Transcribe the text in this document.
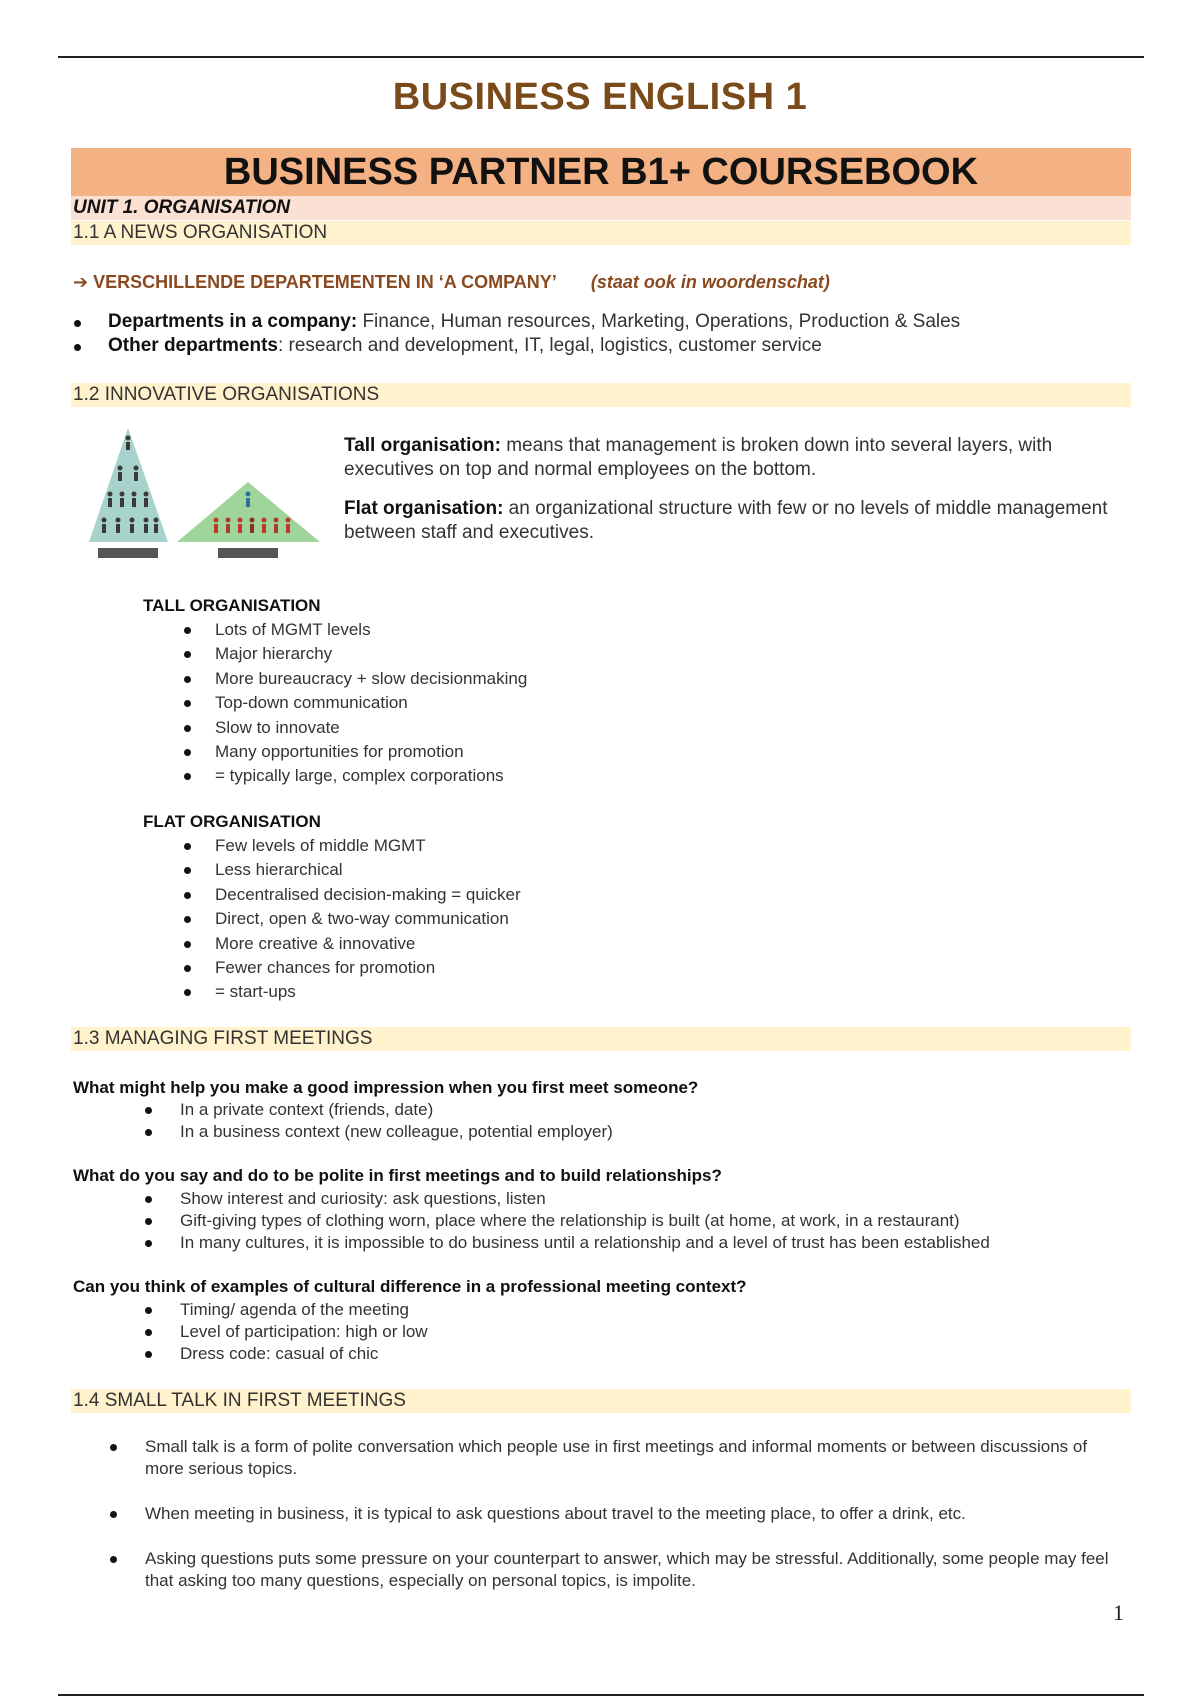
BUSINESS ENGLISH 1
BUSINESS PARTNER B1+ COURSEBOOK
UNIT 1. ORGANISATION
1.1 A NEWS ORGANISATION
➔ VERSCHILLENDE DEPARTEMENTEN IN ‘A COMPANY’ (staat ook in woordenschat)
Departments in a company: Finance, Human resources, Marketing, Operations, Production & Sales
Other departments: research and development, IT, legal, logistics, customer service
1.2 INNOVATIVE ORGANISATIONS
Tall organisation: means that management is broken down into several layers, with executives on top and normal employees on the bottom.
Flat organisation: an organizational structure with few or no levels of middle management between staff and executives.
TALL ORGANISATION
Lots of MGMT levels
Major hierarchy
More bureaucracy + slow decisionmaking
Top-down communication
Slow to innovate
Many opportunities for promotion
= typically large, complex corporations
FLAT ORGANISATION
Few levels of middle MGMT
Less hierarchical
Decentralised decision-making = quicker
Direct, open & two-way communication
More creative & innovative
Fewer chances for promotion
= start-ups
1.3 MANAGING FIRST MEETINGS
What might help you make a good impression when you first meet someone?
In a private context (friends, date)
In a business context (new colleague, potential employer)
What do you say and do to be polite in first meetings and to build relationships?
Show interest and curiosity: ask questions, listen
Gift-giving types of clothing worn, place where the relationship is built (at home, at work, in a restaurant)
In many cultures, it is impossible to do business until a relationship and a level of trust has been established
Can you think of examples of cultural difference in a professional meeting context?
Timing/ agenda of the meeting
Level of participation: high or low
Dress code: casual of chic
1.4 SMALL TALK IN FIRST MEETINGS
Small talk is a form of polite conversation which people use in first meetings and informal moments or between discussions of more serious topics.
When meeting in business, it is typical to ask questions about travel to the meeting place, to offer a drink, etc.
Asking questions puts some pressure on your counterpart to answer, which may be stressful. Additionally, some people may feel that asking too many questions, especially on personal topics, is impolite.
1
